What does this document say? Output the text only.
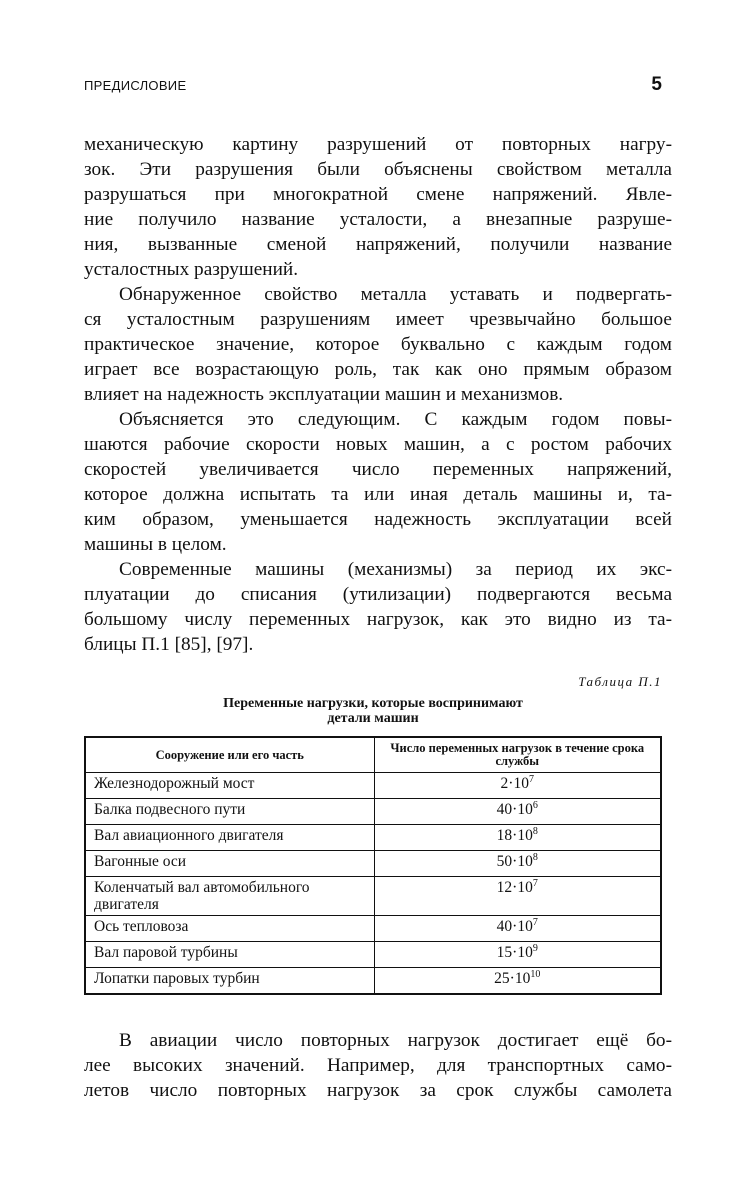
ПРЕДИСЛОВИЕ	5
механическую картину разрушений от повторных нагру-
зок. Эти разрушения были объяснены свойством металла
разрушаться при многократной смене напряжений. Явле-
ние получило название усталости, а внезапные разруше-
ния, вызванные сменой напряжений, получили название
усталостных разрушений.
Обнаруженное свойство металла уставать и подвергать-
ся усталостным разрушениям имеет чрезвычайно большое
практическое значение, которое буквально с каждым годом
играет все возрастающую роль, так как оно прямым образом
влияет на надежность эксплуатации машин и механизмов.
Объясняется это следующим. С каждым годом повы-
шаются рабочие скорости новых машин, а с ростом рабочих
скоростей увеличивается число переменных напряжений,
которое должна испытать та или иная деталь машины и, та-
ким образом, уменьшается надежность эксплуатации всей
машины в целом.
Современные машины (механизмы) за период их экс-
плуатации до списания (утилизации) подвергаются весьма
большому числу переменных нагрузок, как это видно из та-
блицы П.1 [85], [97].
Таблица П.1
Переменные нагрузки, которые воспринимают
детали машин
Сооружение или его часть	Число переменных нагрузок в течение срока службы
Железнодорожный мост	$2\cdot 10^7$
Балка подвесного пути	$40\cdot 10^6$
Вал авиационного двигателя	$18\cdot 10^8$
Вагонные оси	$50\cdot 10^8$
Коленчатый вал автомобильного двигателя	$12\cdot 10^7$
Ось тепловоза	$40\cdot 10^7$
Вал паровой турбины	$15\cdot 10^9$
Лопатки паровых турбин	$25\cdot 10^{10}$
В авиации число повторных нагрузок достигает ещё бо-
лее высоких значений. Например, для транспортных само-
летов число повторных нагрузок за срок службы самолета
